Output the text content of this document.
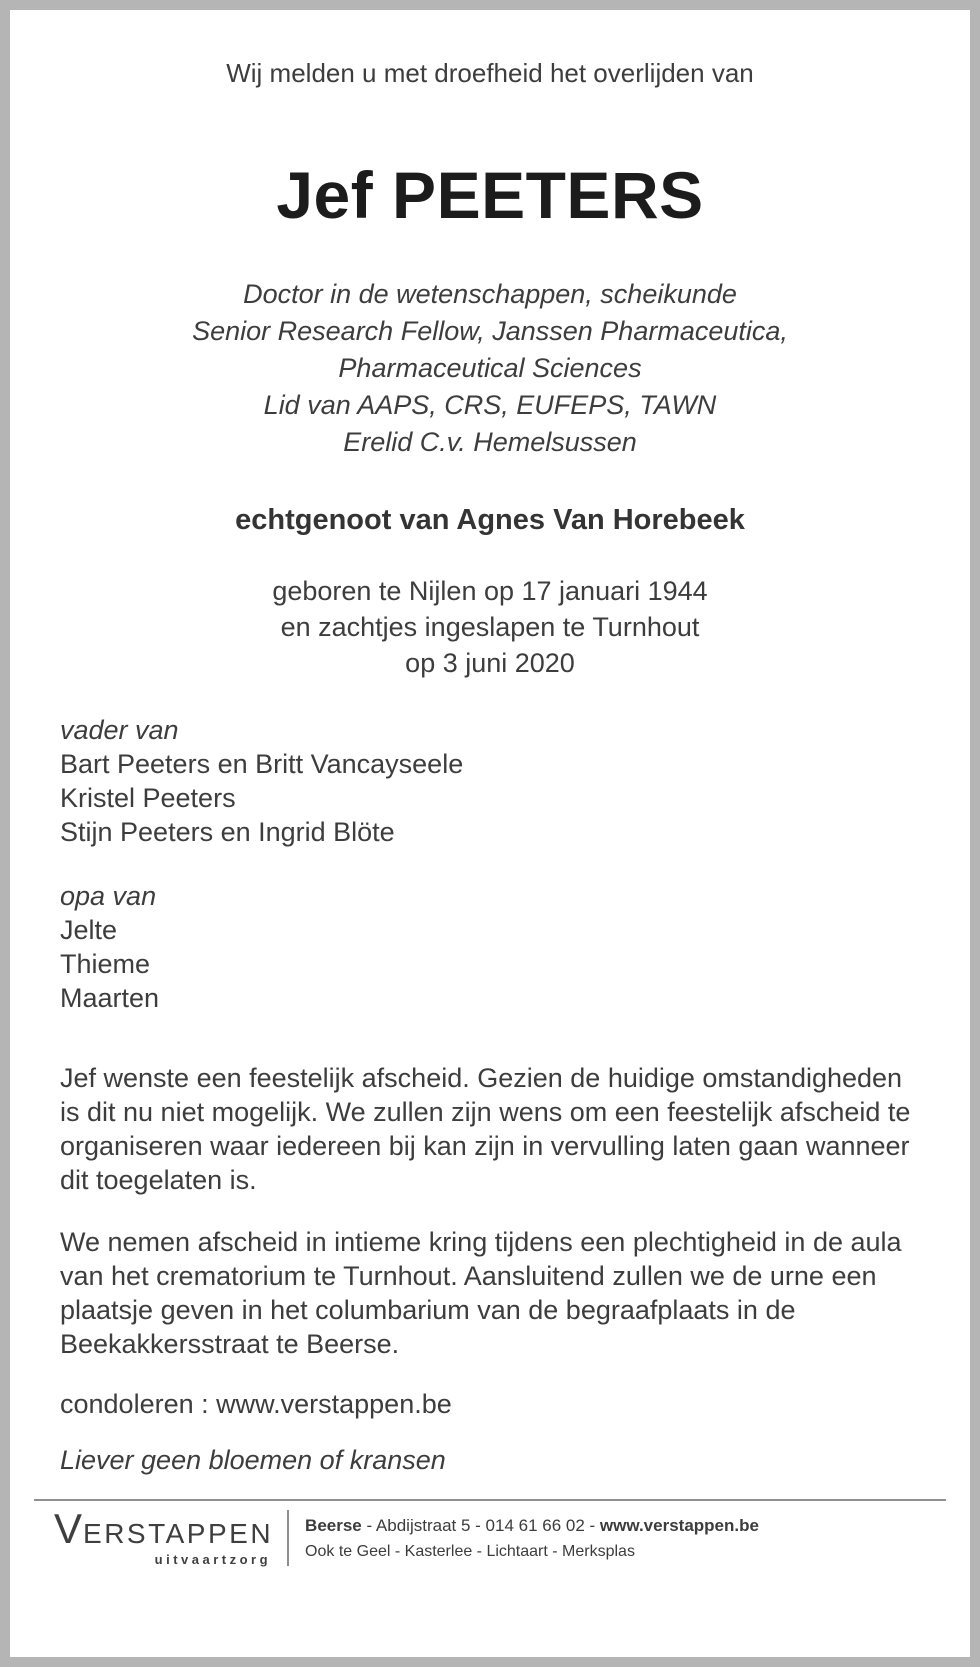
Wij melden u met droefheid het overlijden van
Jef PEETERS
Doctor in de wetenschappen, scheikunde
Senior Research Fellow, Janssen Pharmaceutica,
Pharmaceutical Sciences
Lid van AAPS, CRS, EUFEPS, TAWN
Erelid C.v. Hemelsussen
echtgenoot van Agnes Van Horebeek
geboren te Nijlen op 17 januari 1944
en zachtjes ingeslapen te Turnhout
op 3 juni 2020
vader van
Bart Peeters en Britt Vancayseele
Kristel Peeters
Stijn Peeters en Ingrid Blöte
opa van
Jelte
Thieme
Maarten
Jef wenste een feestelijk afscheid. Gezien de huidige omstandigheden is dit nu niet mogelijk. We zullen zijn wens om een feestelijk afscheid te organiseren waar iedereen bij kan zijn in vervulling laten gaan wanneer dit toegelaten is.
We nemen afscheid in intieme kring tijdens een plechtigheid in de aula van het crematorium te Turnhout. Aansluitend zullen we de urne een plaatsje geven in het columbarium van de begraafplaats in de Beekakkersstraat te Beerse.
condoleren : www.verstappen.be
Liever geen bloemen of kransen
V ERSTAPPEN
uitvaartzorg
Beerse - Abdijstraat 5 - 014 61 66 02 - www.verstappen.be
Ook te Geel - Kasterlee - Lichtaart - Merksplas
